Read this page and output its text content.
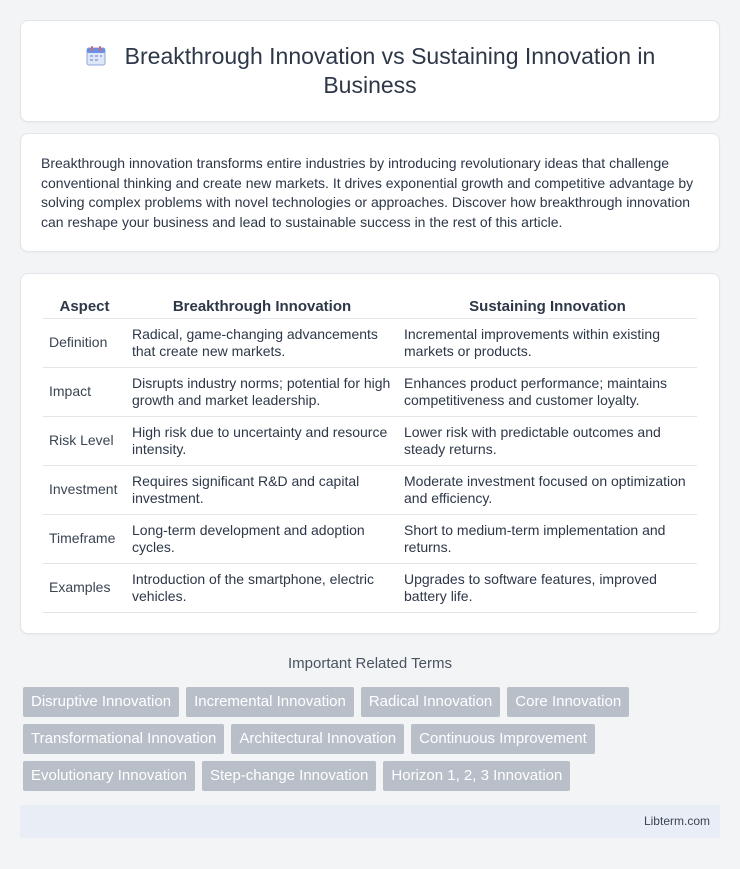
Breakthrough Innovation vs Sustaining Innovation in Business

Breakthrough innovation transforms entire industries by introducing revolutionary ideas that challenge conventional thinking and create new markets. It drives exponential growth and competitive advantage by solving complex problems with novel technologies or approaches. Discover how breakthrough innovation can reshape your business and lead to sustainable success in the rest of this article.

Aspect	Breakthrough Innovation	Sustaining Innovation
Definition	Radical, game-changing advancements that create new markets.	Incremental improvements within existing markets or products.
Impact	Disrupts industry norms; potential for high growth and market leadership.	Enhances product performance; maintains competitiveness and customer loyalty.
Risk Level	High risk due to uncertainty and resource intensity.	Lower risk with predictable outcomes and steady returns.
Investment	Requires significant R&D and capital investment.	Moderate investment focused on optimization and efficiency.
Timeframe	Long-term development and adoption cycles.	Short to medium-term implementation and returns.
Examples	Introduction of the smartphone, electric vehicles.	Upgrades to software features, improved battery life.
Important Related Terms
Disruptive Innovation	Incremental Innovation	Radical Innovation	Core Innovation
Transformational Innovation	Architectural Innovation	Continuous Improvement
Evolutionary Innovation	Step-change Innovation	Horizon 1, 2, 3 Innovation
Libterm.com
